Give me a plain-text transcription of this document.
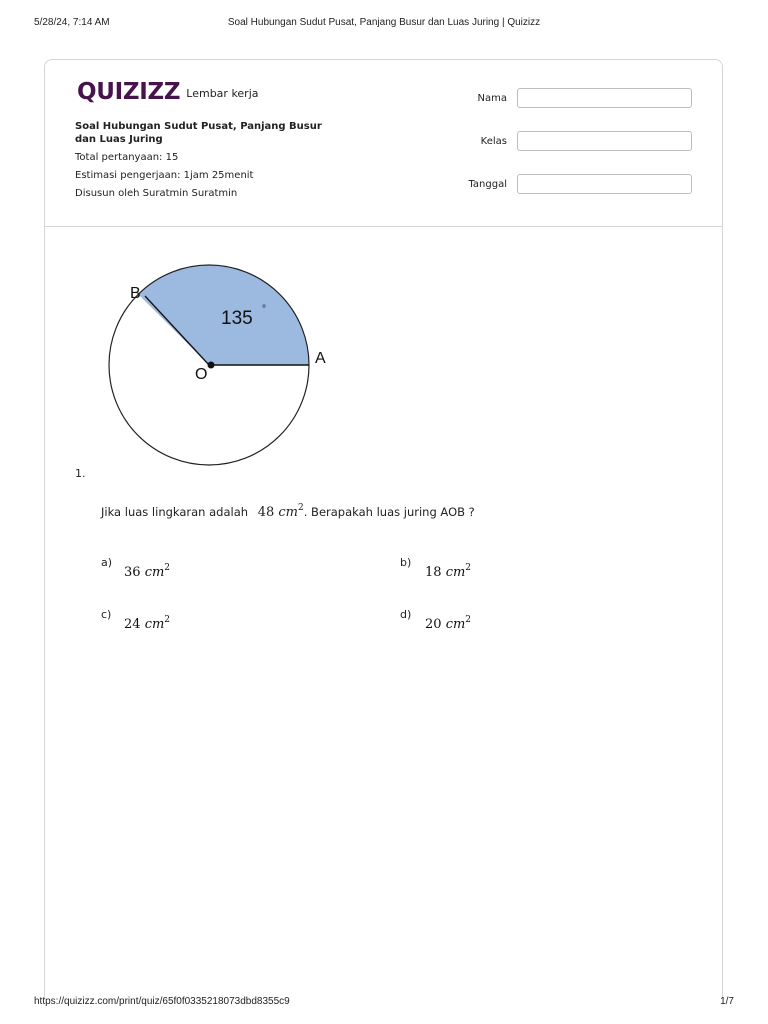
5/28/24, 7:14 AM	Soal Hubungan Sudut Pusat, Panjang Busur dan Luas Juring | Quizizz
QUIZIZZ Lembar kerja
Soal Hubungan Sudut Pusat, Panjang Busur dan Luas Juring
Total pertanyaan: 15
Estimasi pengerjaan: 1jam 25menit
Disusun oleh Suratmin Suratmin
Nama
Kelas
Tanggal
B
O
A
135 °
1.
Jika luas lingkaran adalah 48 $cm^2$. Berapakah luas juring AOB ?
a)
36 $cm^2$	b)
18 $cm^2$
c)
24 $cm^2$	d)
20 $cm^2$
https://quizizz.com/print/quiz/65f0f0335218073dbd8355c9	1/7
